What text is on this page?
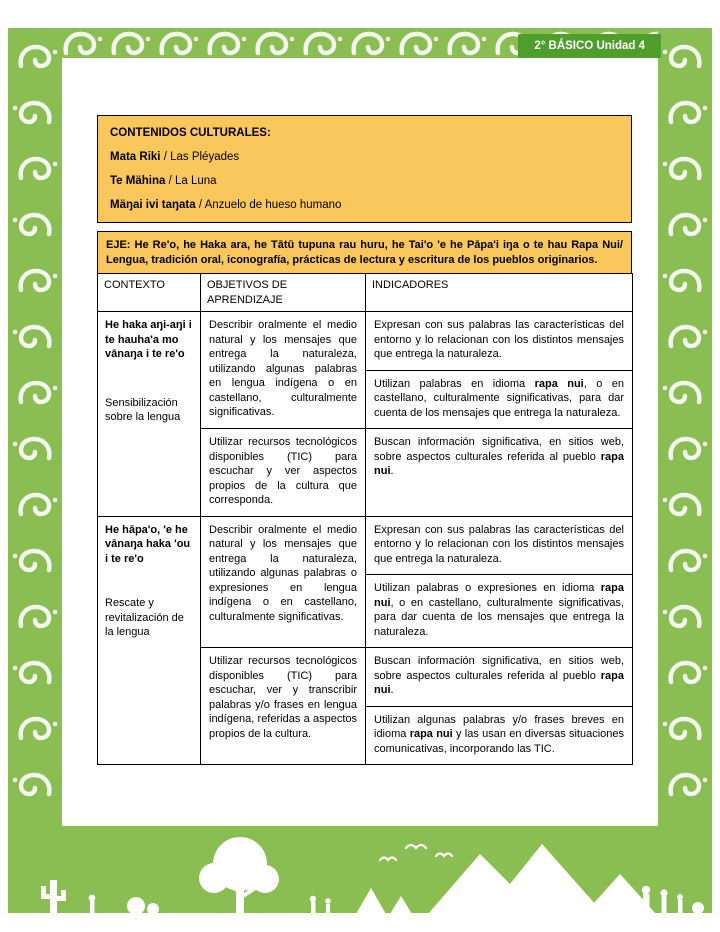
2° BÁSICO Unidad 4
CONTENIDOS CULTURALES:
Mata Riki / Las Pléyades
Te Mähina / La Luna
Mäŋai ivi taŋata / Anzuelo de hueso humano
EJE: He Re'o, he Haka ara, he Tātū tupuna rau huru, he Tai'o 'e he Pāpa'i iŋa o te hau Rapa Nui/ Lengua, tradición oral, iconografía, prácticas de lectura y escritura de los pueblos originarios.
CONTEXTO	OBJETIVOS DE APRENDIZAJE	INDICADORES

He haka aŋi-aŋi i te hauha'a mo vānaŋa i te re'o
Sensibilización sobre la lengua	Describir oralmente el medio natural y los mensajes que entrega la naturaleza, utilizando algunas palabras en lengua indígena o en castellano, culturalmente significativas.	Expresan con sus palabras las características del entorno y lo relacionan con los distintos mensajes que entrega la naturaleza.
		Utilizan palabras en idioma rapa nui, o en castellano, culturalmente significativas, para dar cuenta de los mensajes que entrega la naturaleza.
	Utilizar recursos tecnológicos disponibles (TIC) para escuchar y ver aspectos propios de la cultura que corresponda.	Buscan información significativa, en sitios web, sobre aspectos culturales referida al pueblo rapa nui.

He hāpa'o, 'e he vānaŋa haka 'ou i te re'o
Rescate y revitalización de la lengua	Describir oralmente el medio natural y los mensajes que entrega la naturaleza, utilizando algunas palabras o expresiones en lengua indígena o en castellano, culturalmente significativas.	Expresan con sus palabras las características del entorno y lo relacionan con los distintos mensajes que entrega la naturaleza.
		Utilizan palabras o expresiones en idioma rapa nui, o en castellano, culturalmente significativas, para dar cuenta de los mensajes que entrega la naturaleza.
	Utilizar recursos tecnológicos disponibles (TIC) para escuchar, ver y transcribir palabras y/o frases en lengua indígena, referidas a aspectos propios de la cultura.	Buscan información significativa, en sitios web, sobre aspectos culturales referida al pueblo rapa nui.
		Utilizan algunas palabras y/o frases breves en idioma rapa nui y las usan en diversas situaciones comunicativas, incorporando las TIC.
